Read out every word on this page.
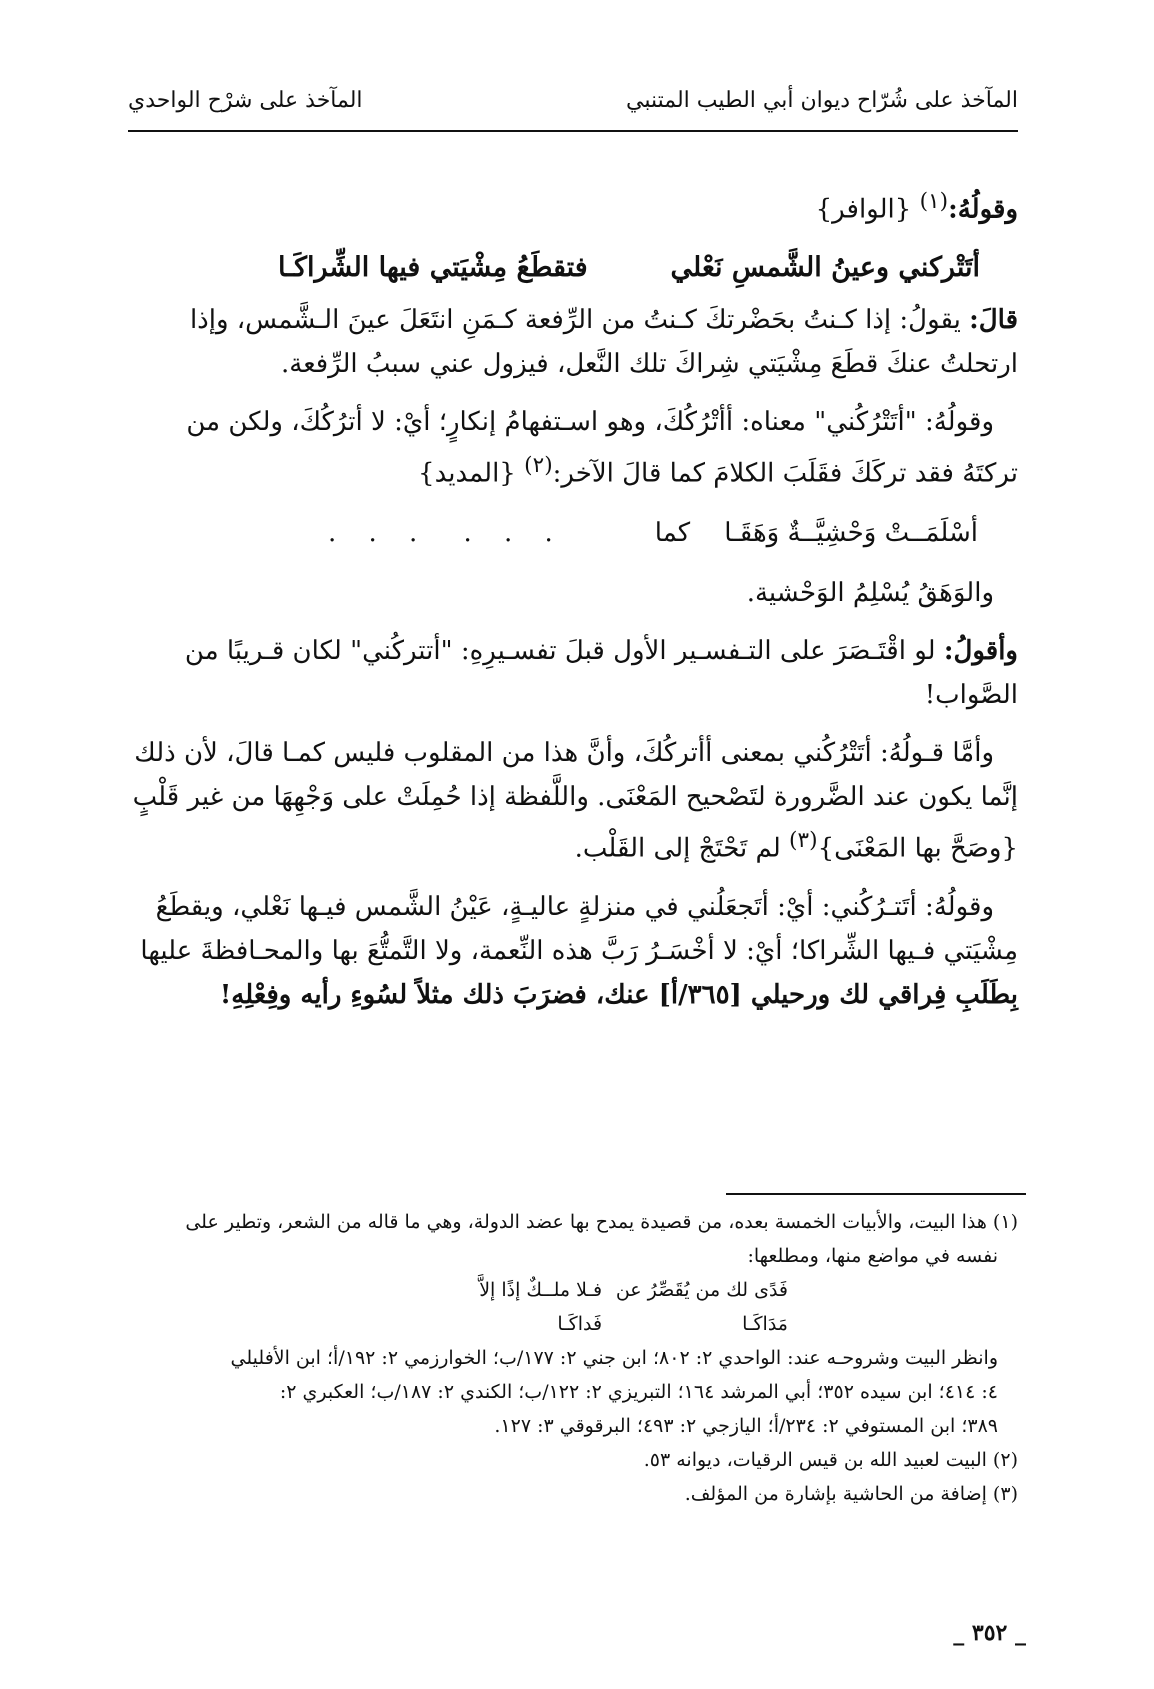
المآخذ على شُرّاح ديوان أبي الطيب المتنبي
المآخذ على شرْح الواحدي

وقولُهُ:$^{(١)}$ {الوافر}

أتَتْركني وعينُ الشَّمسِ نَعْلي
فتقطَعُ مِشْيَتي فيها الشِّراكَـا

قالَ: يقولُ: إذا كـنتُ بحَضْرتكَ كـنتُ من الرِّفعة كـمَنِ انتَعَلَ عينَ الـشَّمس، وإذا

ارتحلتُ عنكَ قطَعَ مِشْيَتي شِراكَ تلك النَّعل، فيزول عني سببُ الرِّفعة.

وقولُهُ: "أتَتْرُكُني" معناه: أأتْرُكُكَ، وهو اسـتفهامُ إنكارٍ؛ أيْ: لا أترُكُكَ، ولكن من

تركتَهُ فقد تركَكَ فقَلَبَ الكلامَ كما قالَ الآخر:$^{(٢)}$ {المديد}

أسْلَمَــتْ وَحْشِيَّــةٌ وَهَقَـا
كما
. . .
. . .

والوَهَقُ يُسْلِمُ الوَحْشية.

وأقولُ: لو اقْتَـصَرَ على التـفسـير الأول قبلَ تفسـيرِهِ: "أتتركُني" لكان قـريبًا من

الصَّواب!

وأمَّا قـولُهُ: أتَتْرُكُني بمعنى أأتركُكَ، وأنَّ هذا من المقلوب فليس كمـا قالَ، لأن ذلك

إنَّما يكون عند الضَّرورة لتَصْحيح المَعْنَى. واللَّفظة إذا حُمِلَتْ على وَجْهِهَا من غير قَلْبٍ

{وصَحَّ بها المَعْنَى}$^{(٣)}$ لم تَحْتَجْ إلى القَلْب.

وقولُهُ: أتَتـرُكُني: أيْ: أتَجعَلُني في منزلةٍ عاليـةٍ، عَيْنُ الشَّمس فيـها نَعْلي، ويقطَعُ

مِشْيَتي فـيها الشِّراكا؛ أيْ: لا أخْسَـرُ رَبَّ هذه النِّعمة، ولا التَّمتُّعَ بها والمحـافظةَ عليها

بِطَلَبِ فِراقي لك ورحيلي [٣٦٥/أ] عنك، فضرَبَ ذلك مثلاً لسُوءِ رأيه وفِعْلِهِ!

(١) هذا البيت، والأبيات الخمسة بعده، من قصيدة يمدح بها عضد الدولة، وهي ما قاله من الشعر، وتطير على

نفسه في مواضع منها، ومطلعها:

فَدًى لك من يُقَصِّرُ عن مَدَاكَـا
فـلا ملــكٌ إذًا إلاَّ فَداكَـا

وانظر البيت وشروحـه عند: الواحدي ٢: ٨٠٢؛ ابن جني ٢: ١٧٧/ب؛ الخوارزمي ٢: ١٩٢/أ؛ ابن الأفليلي

٤: ٤١٤؛ ابن سيده ٣٥٢؛ أبي المرشد ١٦٤؛ التبريزي ٢: ١٢٢/ب؛ الكندي ٢: ١٨٧/ب؛ العكبري ٢:

٣٨٩؛ ابن المستوفي ٢: ٢٣٤/أ؛ اليازجي ٢: ٤٩٣؛ البرقوقي ٣: ١٢٧.

(٢) البيت لعبيد الله بن قيس الرقيات، ديوانه ٥٣.

(٣) إضافة من الحاشية بإشارة من المؤلف.

_ ٣٥٢ _
